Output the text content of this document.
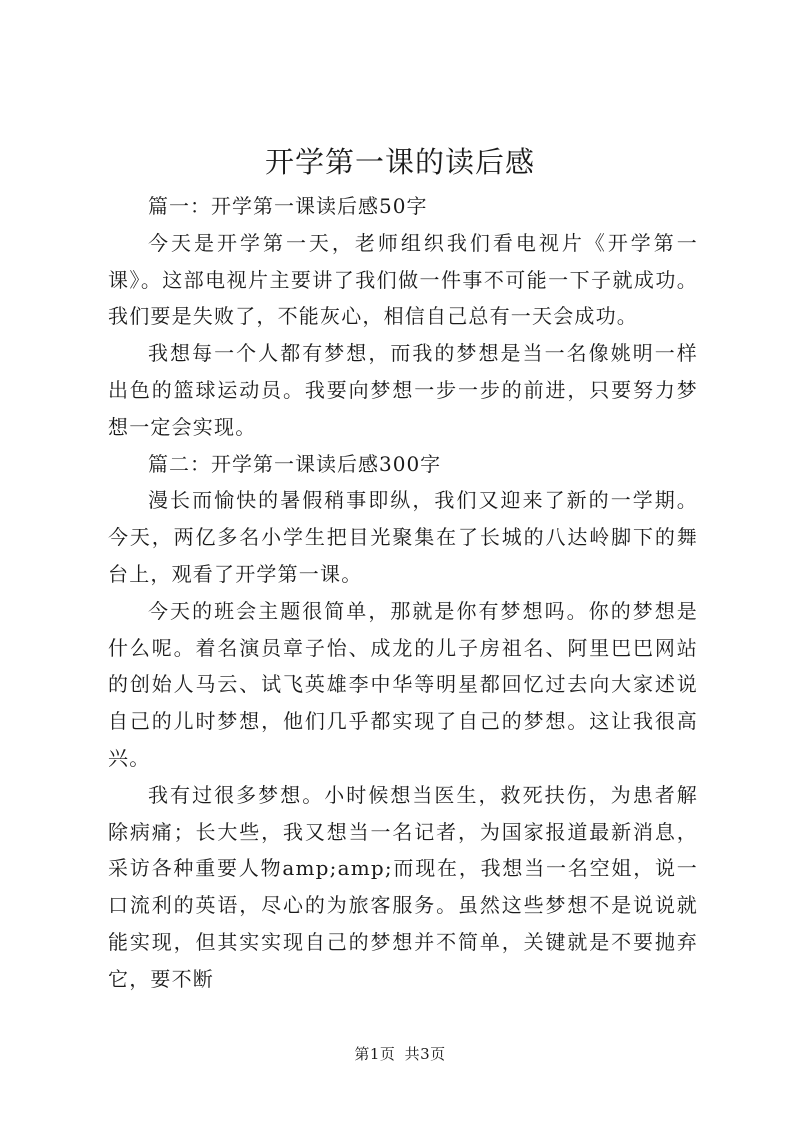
开学第一课的读后感

篇一：开学第一课读后感50字

今天是开学第一天，老师组织我们看电视片《开学第一课》。这部电视片主要讲了我们做一件事不可能一下子就成功。我们要是失败了，不能灰心，相信自己总有一天会成功。

我想每一个人都有梦想，而我的梦想是当一名像姚明一样出色的篮球运动员。我要向梦想一步一步的前进，只要努力梦想一定会实现。

篇二：开学第一课读后感300字

漫长而愉快的暑假稍事即纵，我们又迎来了新的一学期。今天，两亿多名小学生把目光聚集在了长城的八达岭脚下的舞台上，观看了开学第一课。

今天的班会主题很简单，那就是你有梦想吗。你的梦想是什么呢。着名演员章子怡、成龙的儿子房祖名、阿里巴巴网站的创始人马云、试飞英雄李中华等明星都回忆过去向大家述说自己的儿时梦想，他们几乎都实现了自己的梦想。这让我很高兴。

我有过很多梦想。小时候想当医生，救死扶伤，为患者解除病痛；长大些，我又想当一名记者，为国家报道最新消息，采访各种重要人物amp;amp;而现在，我想当一名空姐，说一口流利的英语，尽心的为旅客服务。虽然这些梦想不是说说就能实现，但其实实现自己的梦想并不简单，关键就是不要抛弃它，要不断

第1页 共3页
